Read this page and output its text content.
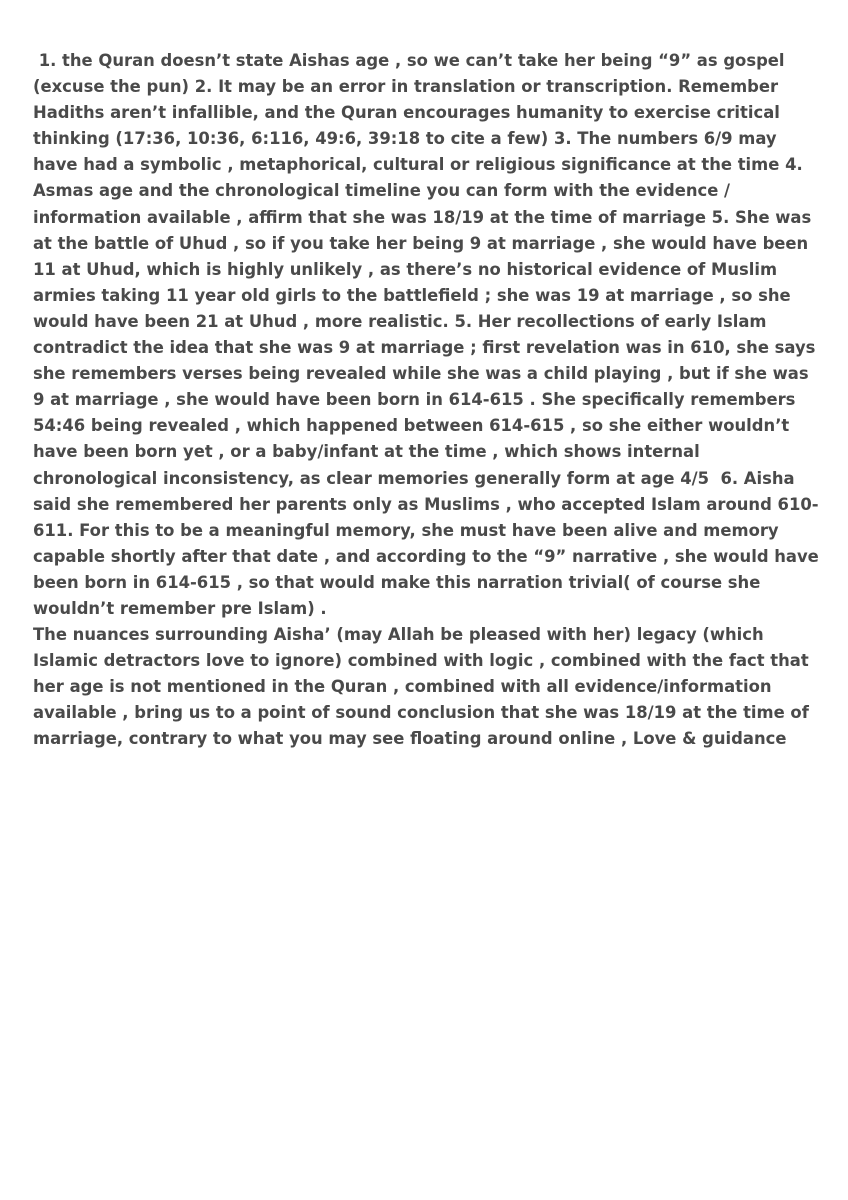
1. the Quran doesn’t state Aishas age , so we can’t take her being “9” as gospel (excuse the pun) 2. It may be an error in translation or transcription. Remember Hadiths aren’t infallible, and the Quran encourages humanity to exercise critical thinking (17:36, 10:36, 6:116, 49:6, 39:18 to cite a few) 3. The numbers 6/9 may have had a symbolic , metaphorical, cultural or religious significance at the time 4. Asmas age and the chronological timeline you can form with the evidence / information available , affirm that she was 18/19 at the time of marriage 5. She was at the battle of Uhud , so if you take her being 9 at marriage , she would have been 11 at Uhud, which is highly unlikely , as there’s no historical evidence of Muslim armies taking 11 year old girls to the battlefield ; she was 19 at marriage , so she would have been 21 at Uhud , more realistic. 5. Her recollections of early Islam contradict the idea that she was 9 at marriage ; first revelation was in 610, she says she remembers verses being revealed while she was a child playing , but if she was 9 at marriage , she would have been born in 614-615 . She specifically remembers 54:46 being revealed , which happened between 614-615 , so she either wouldn’t have been born yet , or a baby/infant at the time , which shows internal chronological inconsistency, as clear memories generally form at age 4/5  6. Aisha said she remembered her parents only as Muslims , who accepted Islam around 610-611. For this to be a meaningful memory, she must have been alive and memory capable shortly after that date , and according to the “9” narrative , she would have been born in 614-615 , so that would make this narration trivial( of course she wouldn’t remember pre Islam) .

The nuances surrounding Aisha’ (may Allah be pleased with her) legacy (which Islamic detractors love to ignore) combined with logic , combined with the fact that her age is not mentioned in the Quran , combined with all evidence/information available , bring us to a point of sound conclusion that she was 18/19 at the time of marriage, contrary to what you may see floating around online , Love & guidance
